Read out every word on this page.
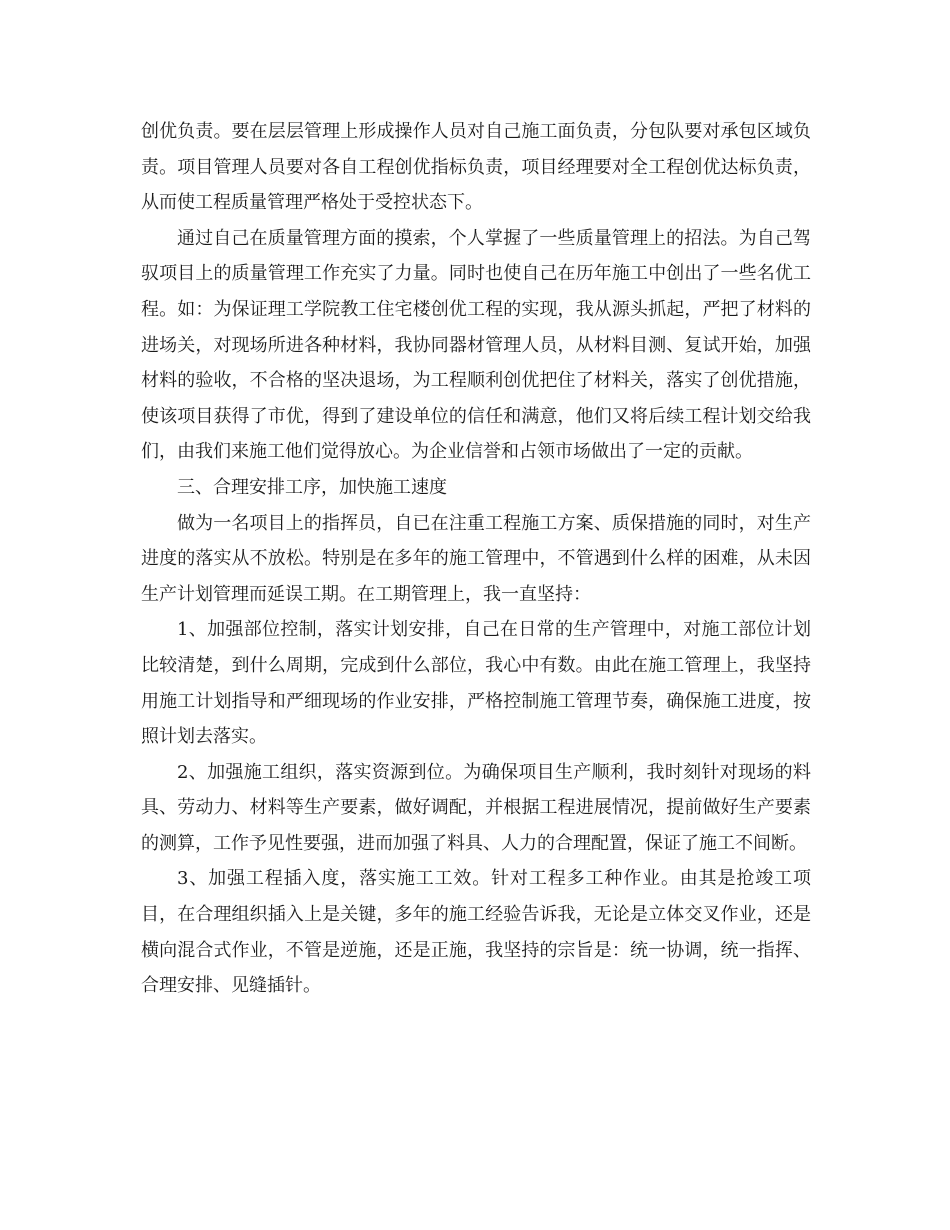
创优负责。要在层层管理上形成操作人员对自己施工面负责，分包队要对承包区域负责。项目管理人员要对各自工程创优指标负责，项目经理要对全工程创优达标负责，从而使工程质量管理严格处于受控状态下。

通过自己在质量管理方面的摸索，个人掌握了一些质量管理上的招法。为自己驾驭项目上的质量管理工作充实了力量。同时也使自己在历年施工中创出了一些名优工程。如：为保证理工学院教工住宅楼创优工程的实现，我从源头抓起，严把了材料的进场关，对现场所进各种材料，我协同器材管理人员，从材料目测、复试开始，加强材料的验收，不合格的坚决退场，为工程顺利创优把住了材料关，落实了创优措施，使该项目获得了市优，得到了建设单位的信任和满意，他们又将后续工程计划交给我们，由我们来施工他们觉得放心。为企业信誉和占领市场做出了一定的贡献。

三、合理安排工序，加快施工速度

做为一名项目上的指挥员，自已在注重工程施工方案、质保措施的同时，对生产进度的落实从不放松。特别是在多年的施工管理中，不管遇到什么样的困难，从未因生产计划管理而延误工期。在工期管理上，我一直坚持：

1、加强部位控制，落实计划安排，自己在日常的生产管理中，对施工部位计划比较清楚，到什么周期，完成到什么部位，我心中有数。由此在施工管理上，我坚持用施工计划指导和严细现场的作业安排，严格控制施工管理节奏，确保施工进度，按照计划去落实。

2、加强施工组织，落实资源到位。为确保项目生产顺利，我时刻针对现场的料具、劳动力、材料等生产要素，做好调配，并根据工程进展情况，提前做好生产要素的测算，工作予见性要强，进而加强了料具、人力的合理配置，保证了施工不间断。

3、加强工程插入度，落实施工工效。针对工程多工种作业。由其是抢竣工项目，在合理组织插入上是关键，多年的施工经验告诉我，无论是立体交叉作业，还是横向混合式作业，不管是逆施，还是正施，我坚持的宗旨是：统一协调，统一指挥、合理安排、见缝插针。
